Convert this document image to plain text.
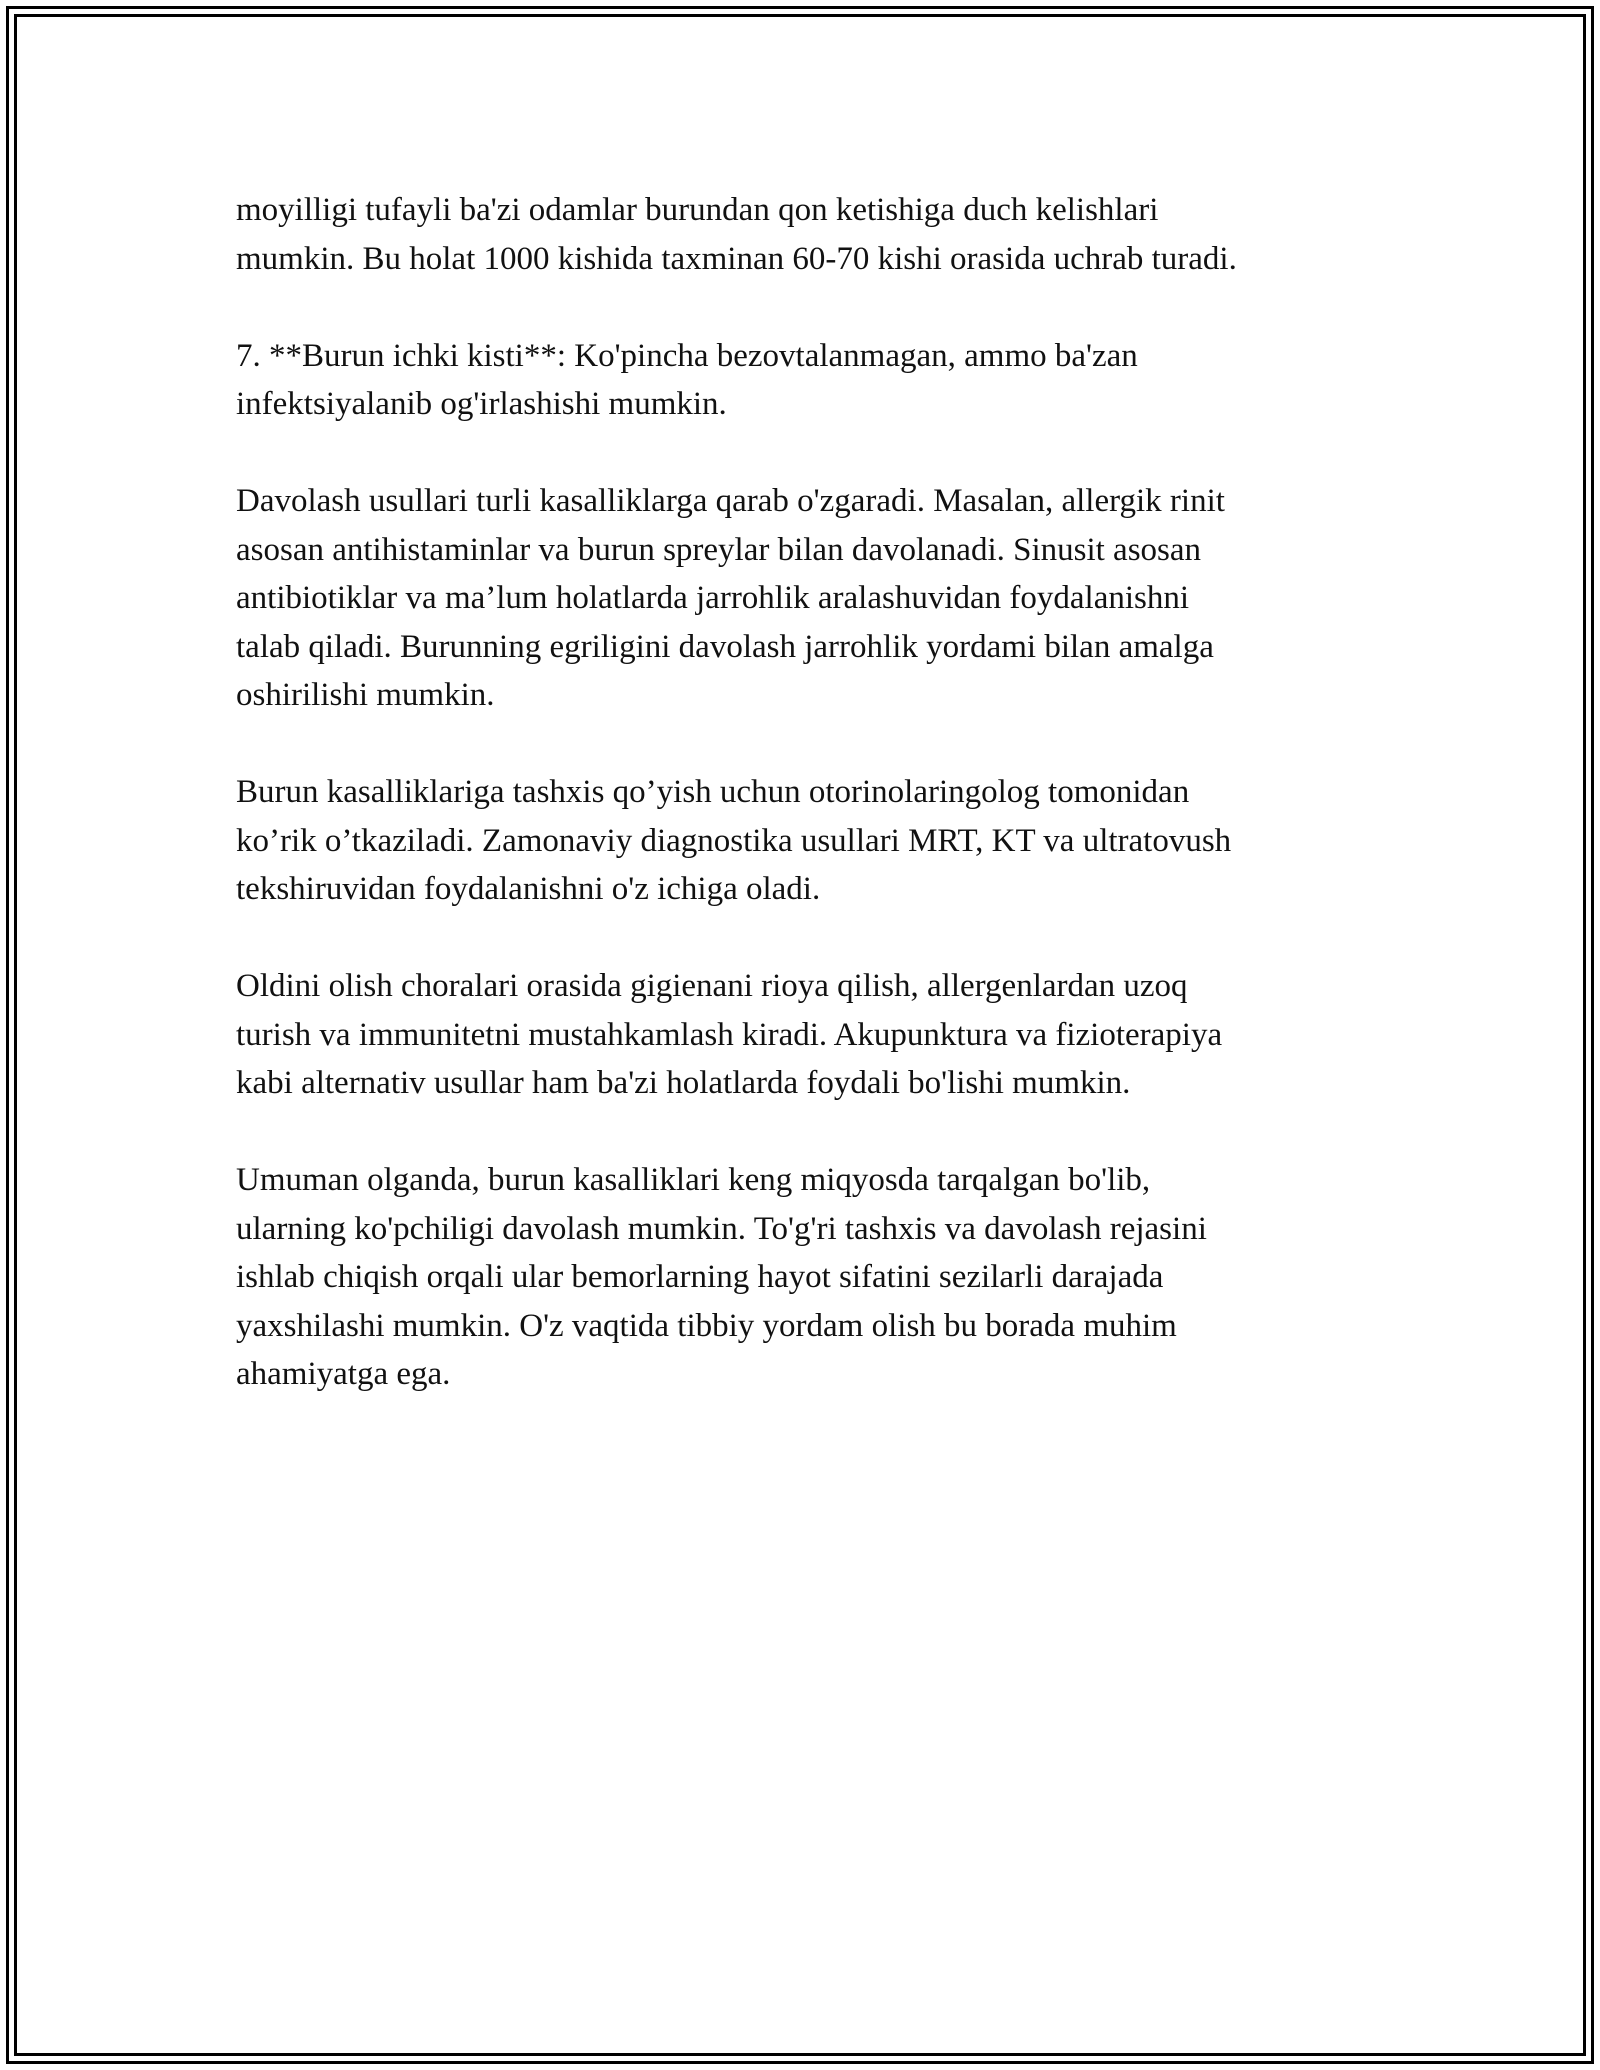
moyilligi tufayli ba'zi odamlar burundan qon ketishiga duch kelishlari
mumkin. Bu holat 1000 kishida taxminan 60-70 kishi orasida uchrab turadi.

7. **Burun ichki kisti**: Ko'pincha bezovtalanmagan, ammo ba'zan
infektsiyalanib og'irlashishi mumkin.

Davolash usullari turli kasalliklarga qarab o'zgaradi. Masalan, allergik rinit
asosan antihistaminlar va burun spreylar bilan davolanadi. Sinusit asosan
antibiotiklar va ma’lum holatlarda jarrohlik aralashuvidan foydalanishni
talab qiladi. Burunning egriligini davolash jarrohlik yordami bilan amalga
oshirilishi mumkin.

Burun kasalliklariga tashxis qo’yish uchun otorinolaringolog tomonidan
ko’rik o’tkaziladi. Zamonaviy diagnostika usullari MRT, KT va ultratovush
tekshiruvidan foydalanishni o'z ichiga oladi.

Oldini olish choralari orasida gigienani rioya qilish, allergenlardan uzoq
turish va immunitetni mustahkamlash kiradi. Akupunktura va fizioterapiya
kabi alternativ usullar ham ba'zi holatlarda foydali bo'lishi mumkin.

Umuman olganda, burun kasalliklari keng miqyosda tarqalgan bo'lib,
ularning ko'pchiligi davolash mumkin. To'g'ri tashxis va davolash rejasini
ishlab chiqish orqali ular bemorlarning hayot sifatini sezilarli darajada
yaxshilashi mumkin. O'z vaqtida tibbiy yordam olish bu borada muhim
ahamiyatga ega.
